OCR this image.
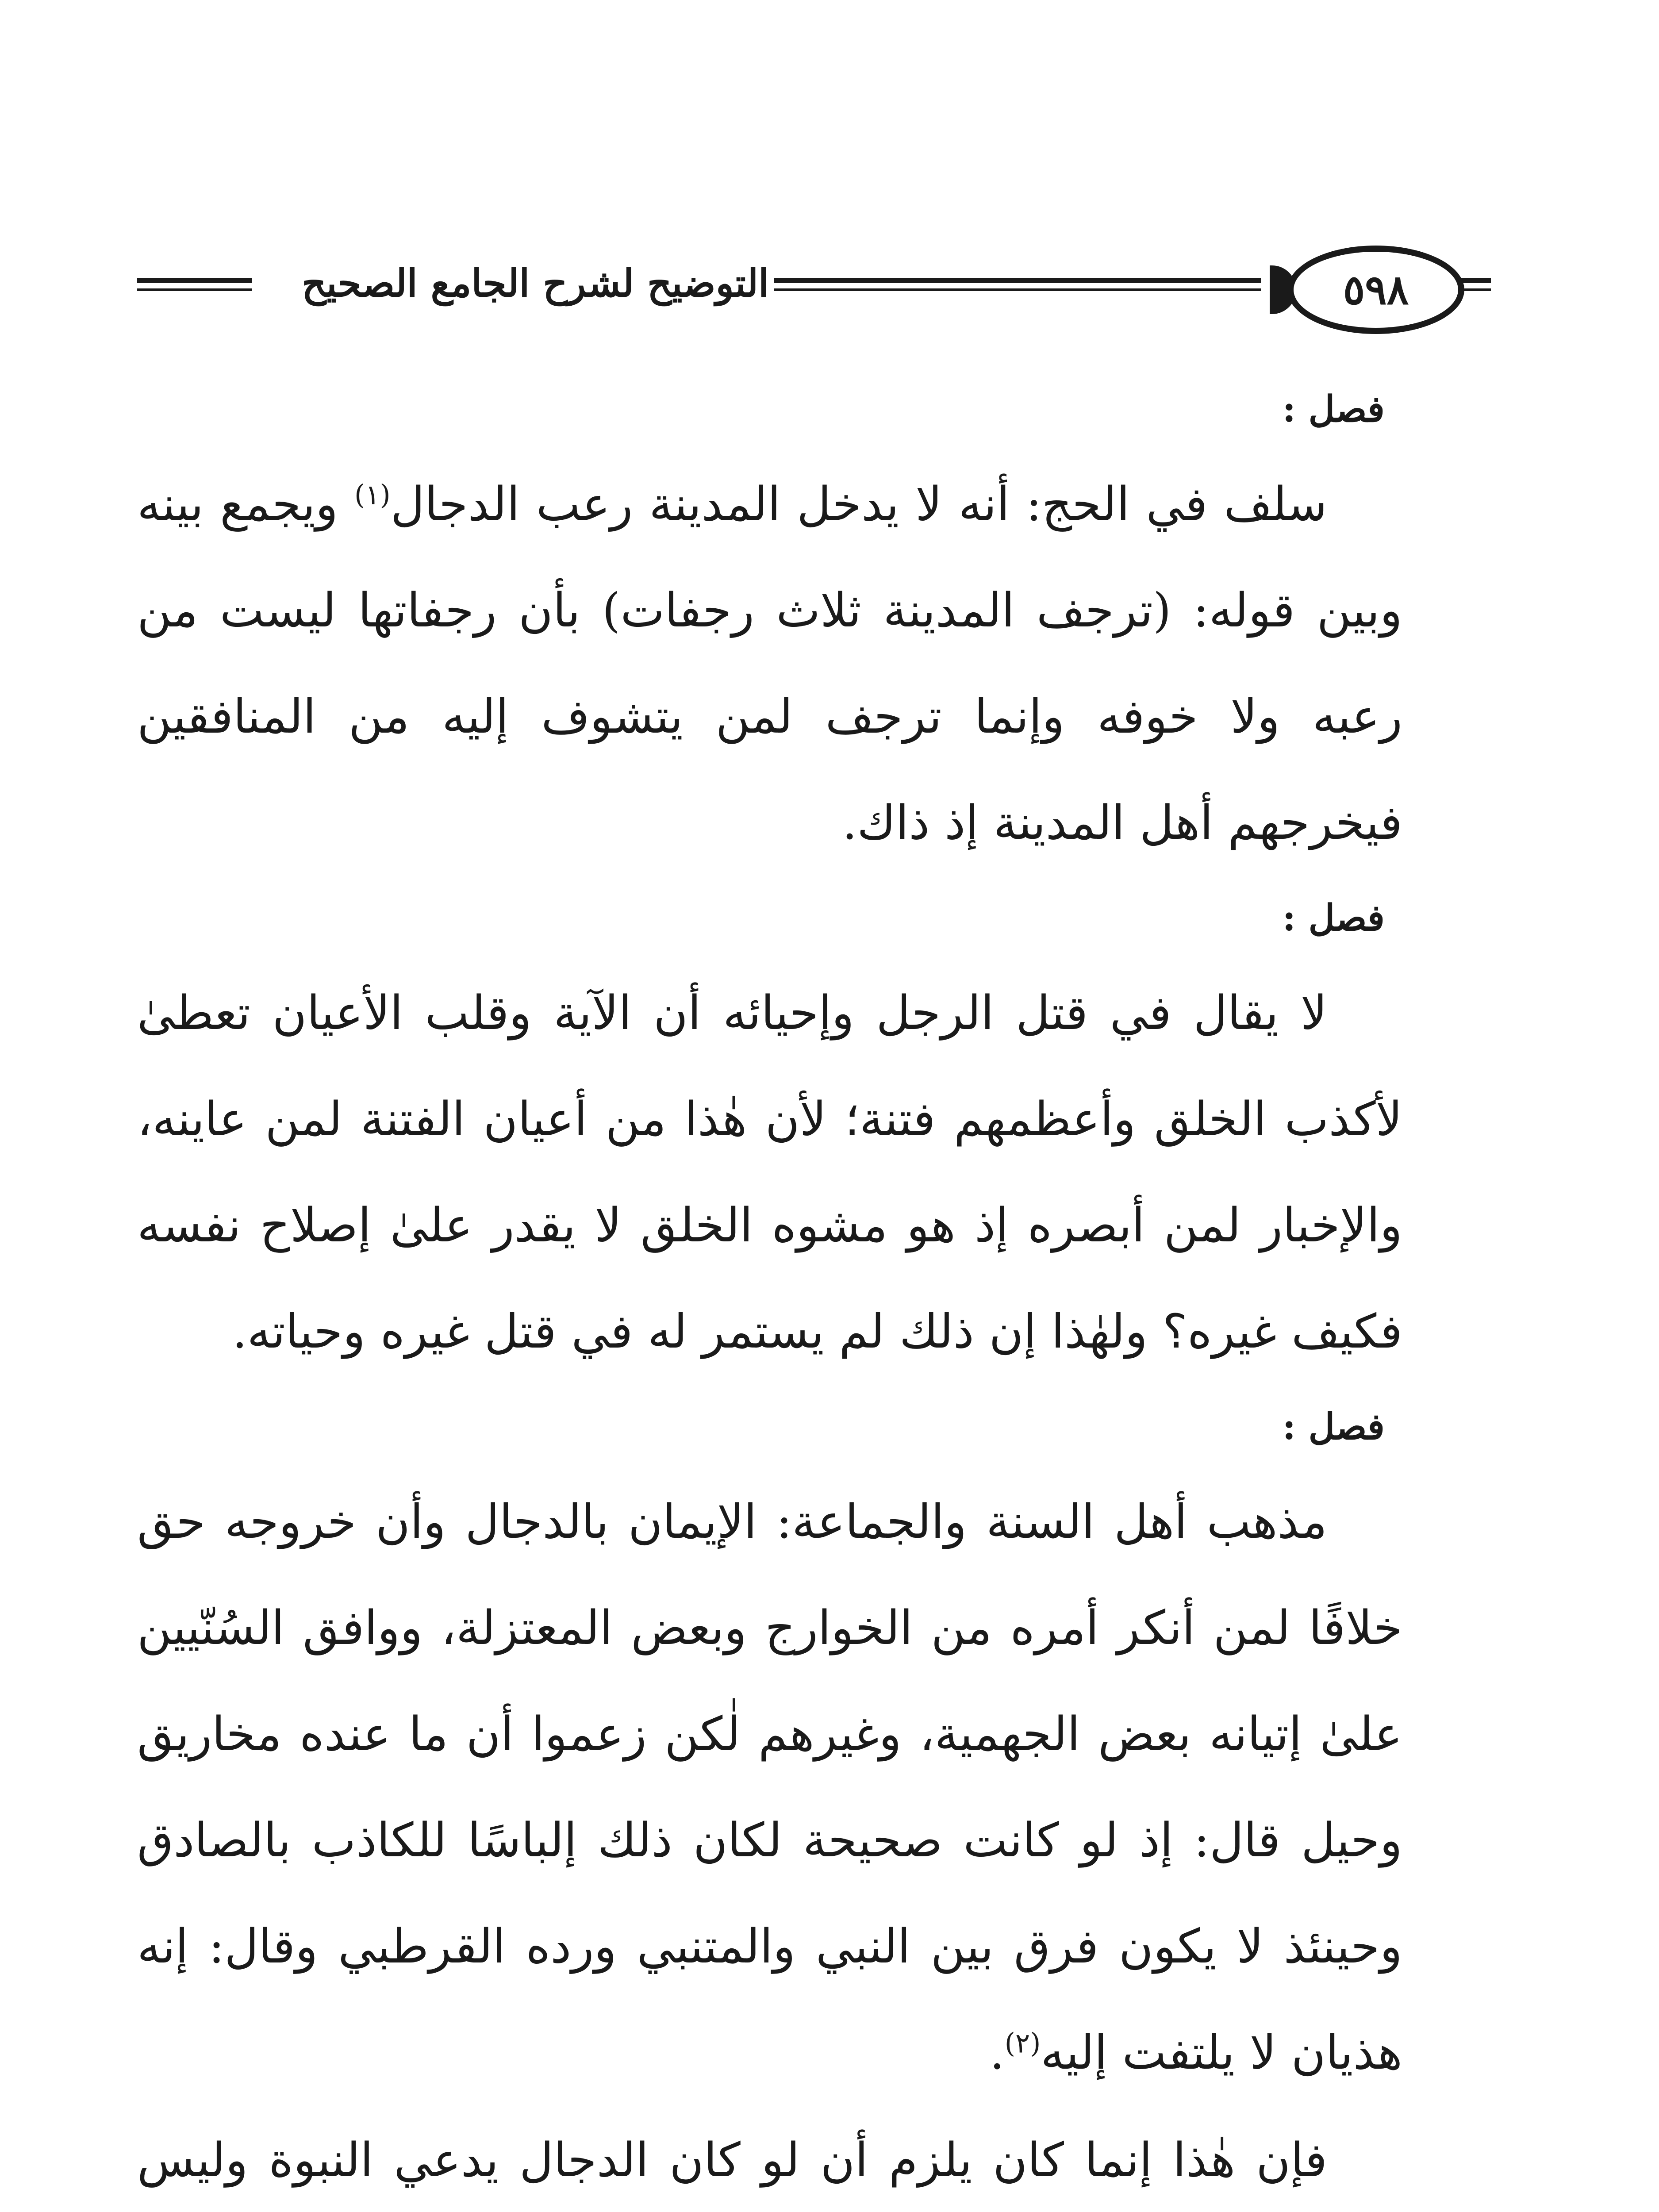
٥٩٨
التوضيح لشرح الجامع الصحيح

فصل :

سلف في الحج: أنه لا يدخل المدينة رعب الدجال$^{(١)}$ ويجمع بينه وبين قوله: (ترجف المدينة ثلاث رجفات) بأن رجفاتها ليست من رعبه ولا خوفه وإنما ترجف لمن يتشوف إليه من المنافقين فيخرجهم أهل المدينة إذ ذاك.

فصل :

لا يقال في قتل الرجل وإحيائه أن الآية وقلب الأعيان تعطىٰ لأكذب الخلق وأعظمهم فتنة؛ لأن هٰذا من أعيان الفتنة لمن عاينه، والإخبار لمن أبصره إذ هو مشوه الخلق لا يقدر علىٰ إصلاح نفسه فكيف غيره؟ ولهٰذا إن ذلك لم يستمر له في قتل غيره وحياته.

فصل :

مذهب أهل السنة والجماعة: الإيمان بالدجال وأن خروجه حق خلافًا لمن أنكر أمره من الخوارج وبعض المعتزلة، ووافق السُنّيين علىٰ إتيانه بعض الجهمية، وغيرهم لٰكن زعموا أن ما عنده مخاريق وحيل قال: إذ لو كانت صحيحة لكان ذلك إلباسًا للكاذب بالصادق وحينئذ لا يكون فرق بين النبي والمتنبي ورده القرطبي وقال: إنه هذيان لا يلتفت إليه$^{(٢)}$.

فإن هٰذا إنما كان يلزم أن لو كان الدجال يدعي النبوة وليس
